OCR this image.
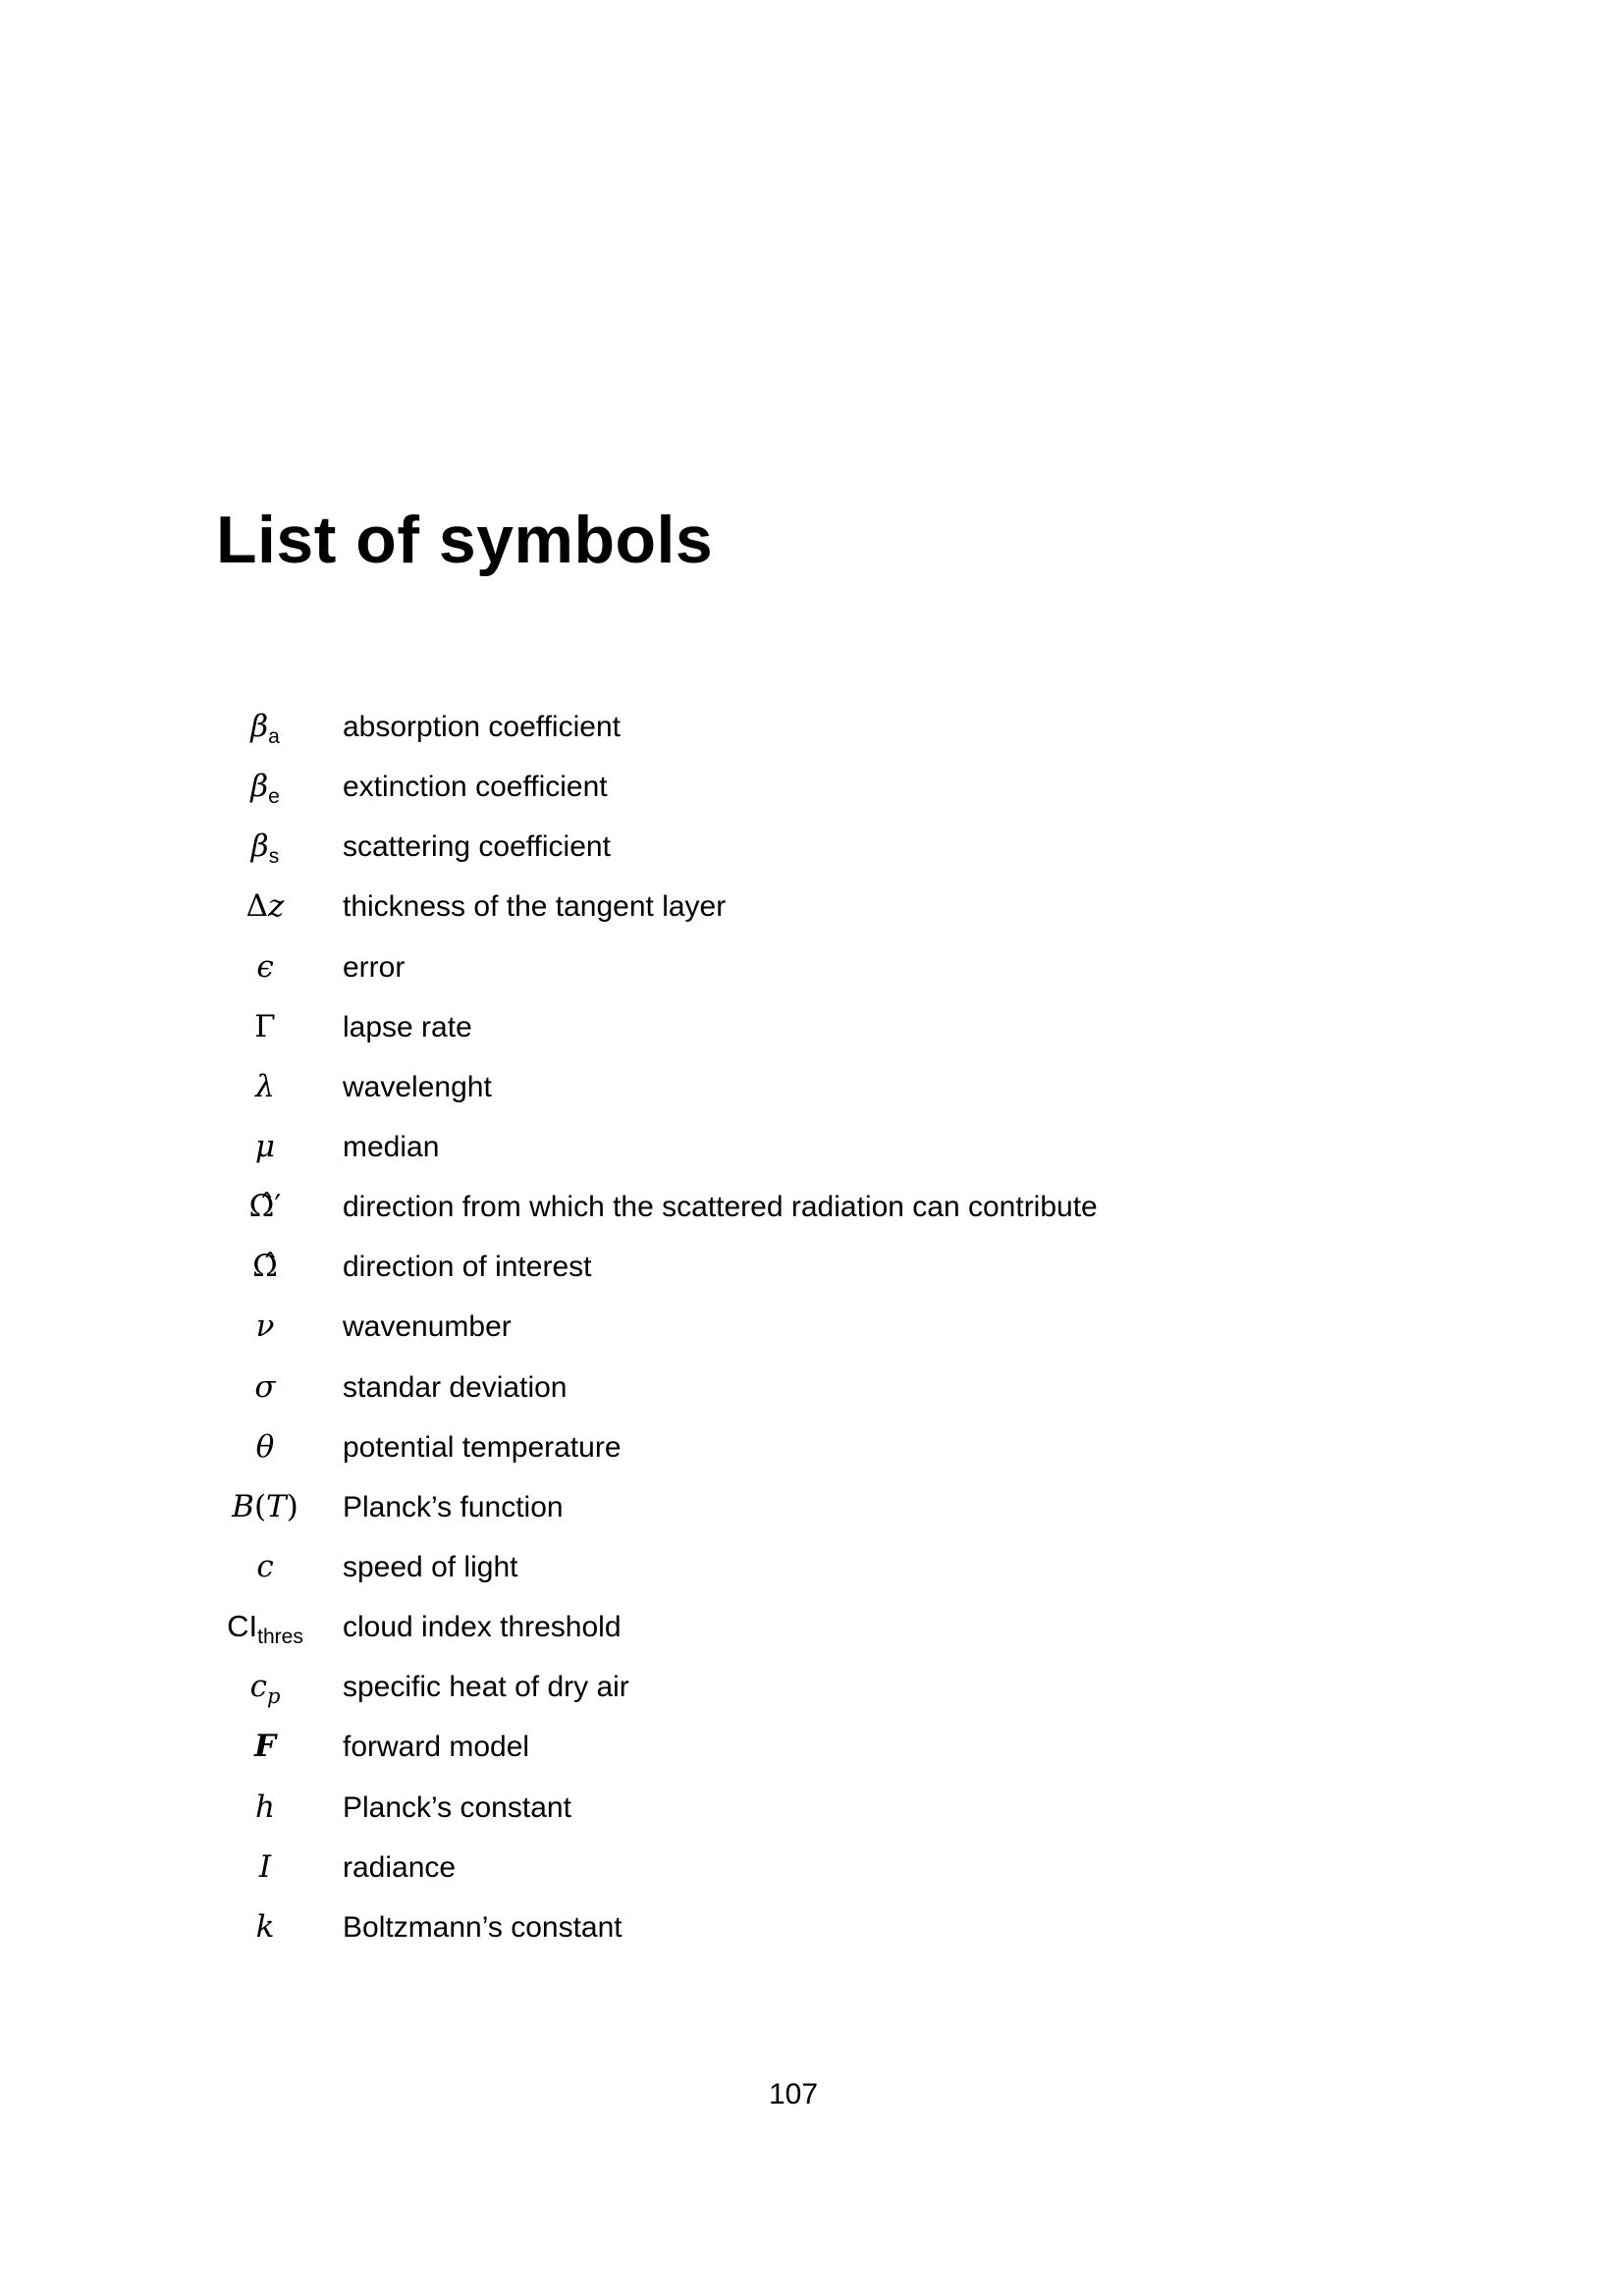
List of symbols
$\beta_a$ absorption coefficient
$\beta_e$ extinction coefficient
$\beta_s$ scattering coefficient
Δz thickness of the tangent layer
ϵ error
Γ lapse rate
λ wavelenght
μ median
Ω̂′ direction from which the scattered radiation can contribute
Ω̂ direction of interest
ν wavenumber
σ standar deviation
θ potential temperature
B(T) Planck’s function
c speed of light
$CI_{thres}$ cloud index threshold
$c_p$ specific heat of dry air
F forward model
h Planck’s constant
I radiance
k Boltzmann’s constant
107
